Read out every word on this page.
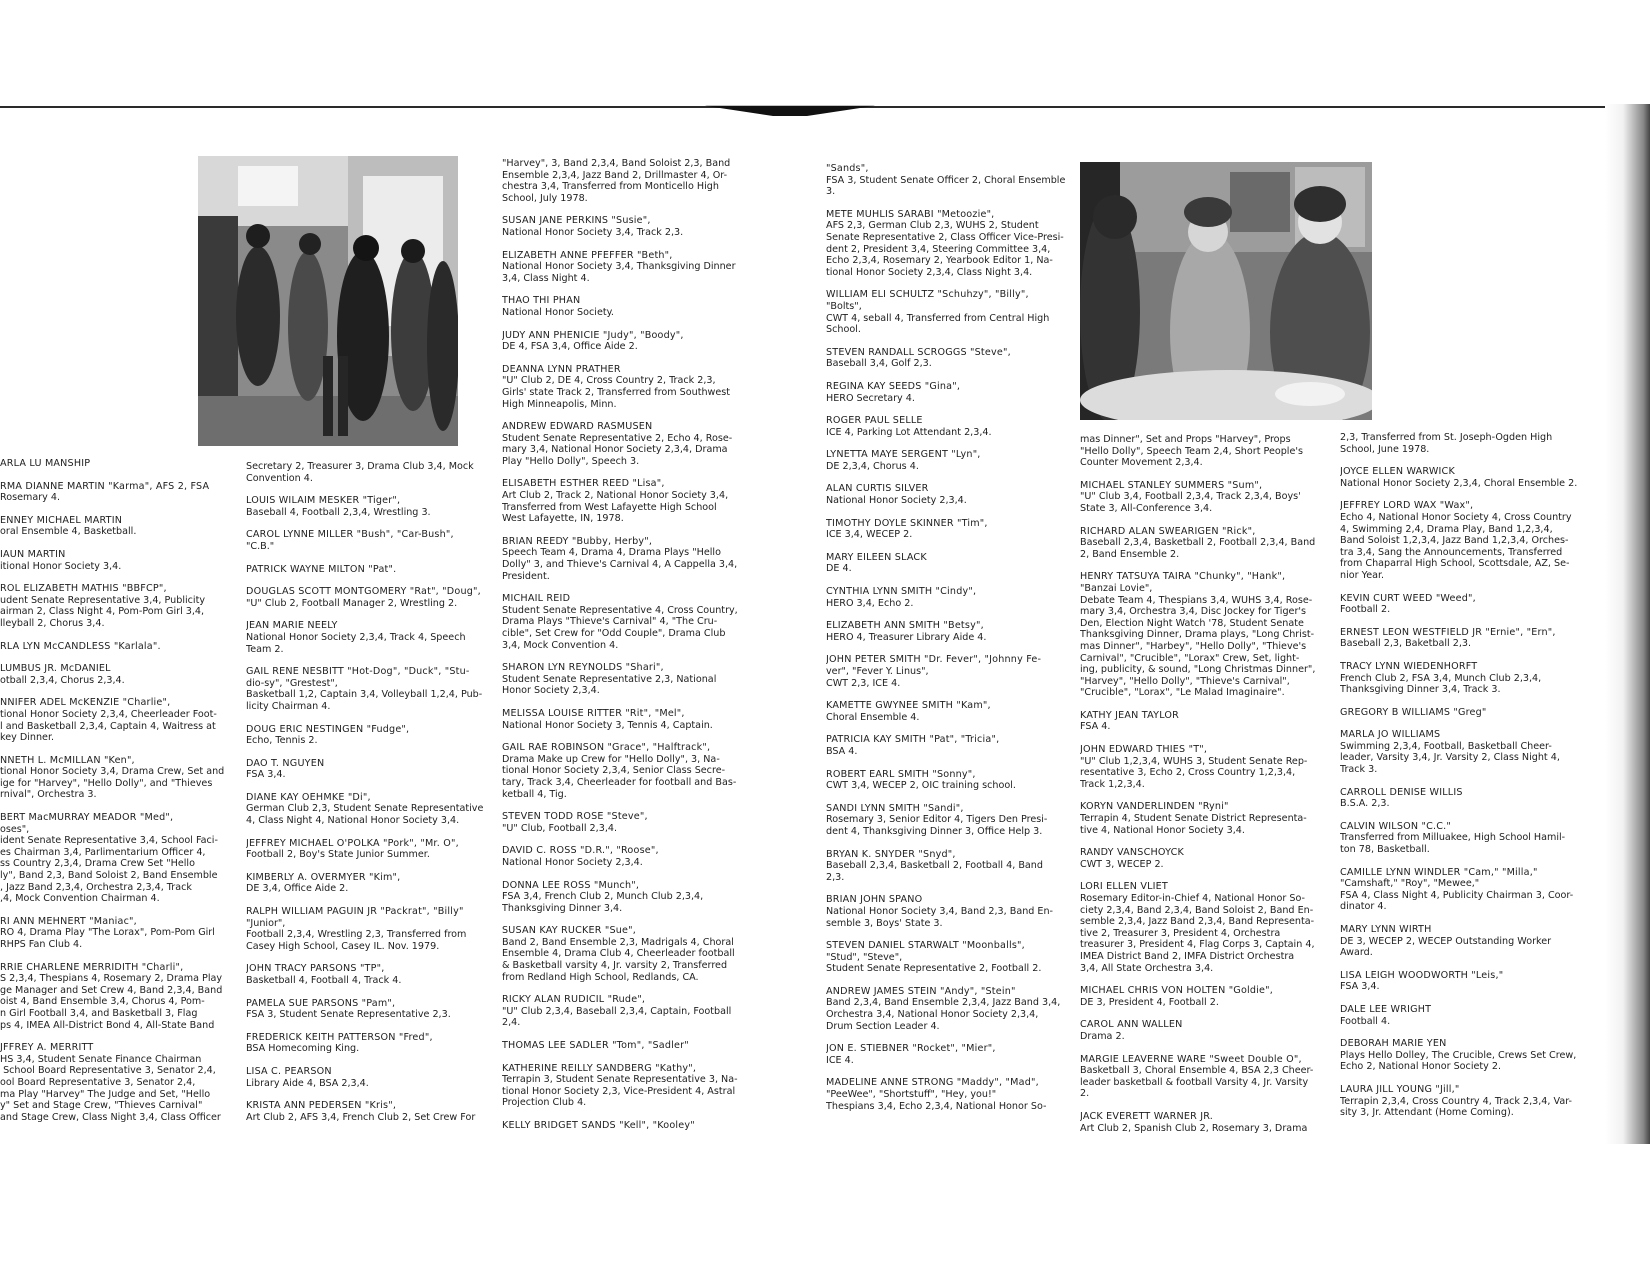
ARLA LU MANSHIP
RMA DIANNE MARTIN "Karma", AFS 2, FSA
Rosemary 4.
ENNEY MICHAEL MARTIN
oral Ensemble 4, Basketball.
IAUN MARTIN
itional Honor Society 3,4.
ROL ELIZABETH MATHIS "BBFCP",
udent Senate Representative 3,4, Publicity
airman 2, Class Night 4, Pom-Pom Girl 3,4,
lleyball 2, Chorus 3,4.
RLA LYN McCANDLESS "Karlala".
LUMBUS JR. McDANIEL
otball 2,3,4, Chorus 2,3,4.
NNIFER ADEL McKENZIE "Charlie",
tional Honor Society 2,3,4, Cheerleader Foot-
l and Basketball 2,3,4, Captain 4, Waitress at
key Dinner.
NNETH L. McMILLAN "Ken",
tional Honor Society 3,4, Drama Crew, Set and
ige for "Harvey", "Hello Dolly", and "Thieves
rnival", Orchestra 3.
BERT MacMURRAY MEADOR "Med",
oses",
ident Senate Representative 3,4, School Faci-
es Chairman 3,4, Parlimentarium Officer 4,
ss Country 2,3,4, Drama Crew Set "Hello
ly", Band 2,3, Band Soloist 2, Band Ensemble
, Jazz Band 2,3,4, Orchestra 2,3,4, Track
,4, Mock Convention Chairman 4.
RI ANN MEHNERT "Maniac",
RO 4, Drama Play "The Lorax", Pom-Pom Girl
RHPS Fan Club 4.
RRIE CHARLENE MERRIDITH "Charli",
S 2,3,4, Thespians 4, Rosemary 2, Drama Play
ge Manager and Set Crew 4, Band 2,3,4, Band
oist 4, Band Ensemble 3,4, Chorus 4, Pom-
n Girl Football 3,4, and Basketball 3, Flag
ps 4, IMEA All-District Bond 4, All-State Band
JFFREY A. MERRITT
HS 3,4, Student Senate Finance Chairman
School Board Representative 3, Senator 2,4,
ool Board Representative 3, Senator 2,4,
ma Play "Harvey" The Judge and Set, "Hello
y" Set and Stage Crew, "Thieves Carnival"
and Stage Crew, Class Night 3,4, Class Officer
Secretary 2, Treasurer 3, Drama Club 3,4, Mock
Convention 4.
LOUIS WILAIM MESKER "Tiger",
Baseball 4, Football 2,3,4, Wrestling 3.
CAROL LYNNE MILLER "Bush", "Car-Bush",
"C.B."
PATRICK WAYNE MILTON "Pat".
DOUGLAS SCOTT MONTGOMERY "Rat", "Doug",
"U" Club 2, Football Manager 2, Wrestling 2.
JEAN MARIE NEELY
National Honor Society 2,3,4, Track 4, Speech
Team 2.
GAIL RENE NESBITT "Hot-Dog", "Duck", "Stu-
dio-sy", "Grestest",
Basketball 1,2, Captain 3,4, Volleyball 1,2,4, Pub-
licity Chairman 4.
DOUG ERIC NESTINGEN "Fudge",
Echo, Tennis 2.
DAO T. NGUYEN
FSA 3,4.
DIANE KAY OEHMKE "Di",
German Club 2,3, Student Senate Representative
4, Class Night 4, National Honor Society 3,4.
JEFFREY MICHAEL O'POLKA "Pork", "Mr. O",
Football 2, Boy's State Junior Summer.
KIMBERLY A. OVERMYER "Kim",
DE 3,4, Office Aide 2.
RALPH WILLIAM PAGUIN JR "Packrat", "Billy"
"Junior",
Football 2,3,4, Wrestling 2,3, Transferred from
Casey High School, Casey IL. Nov. 1979.
JOHN TRACY PARSONS "TP",
Basketball 4, Football 4, Track 4.
PAMELA SUE PARSONS "Pam",
FSA 3, Student Senate Representative 2,3.
FREDERICK KEITH PATTERSON "Fred",
BSA Homecoming King.
LISA C. PEARSON
Library Aide 4, BSA 2,3,4.
KRISTA ANN PEDERSEN "Kris",
Art Club 2, AFS 3,4, French Club 2, Set Crew For
"Harvey", 3, Band 2,3,4, Band Soloist 2,3, Band
Ensemble 2,3,4, Jazz Band 2, Drillmaster 4, Or-
chestra 3,4, Transferred from Monticello High
School, July 1978.
SUSAN JANE PERKINS "Susie",
National Honor Society 3,4, Track 2,3.
ELIZABETH ANNE PFEFFER "Beth",
National Honor Society 3,4, Thanksgiving Dinner
3,4, Class Night 4.
THAO THI PHAN
National Honor Society.
JUDY ANN PHENICIE "Judy", "Boody",
DE 4, FSA 3,4, Office Aide 2.
DEANNA LYNN PRATHER
"U" Club 2, DE 4, Cross Country 2, Track 2,3,
Girls' state Track 2, Transferred from Southwest
High Minneapolis, Minn.
ANDREW EDWARD RASMUSEN
Student Senate Representative 2, Echo 4, Rose-
mary 3,4, National Honor Society 2,3,4, Drama
Play "Hello Dolly", Speech 3.
ELISABETH ESTHER REED "Lisa",
Art Club 2, Track 2, National Honor Society 3,4,
Transferred from West Lafayette High School
West Lafayette, IN, 1978.
BRIAN REEDY "Bubby, Herby",
Speech Team 4, Drama 4, Drama Plays "Hello
Dolly" 3, and Thieve's Carnival 4, A Cappella 3,4,
President.
MICHAIL REID
Student Senate Representative 4, Cross Country,
Drama Plays "Thieve's Carnival" 4, "The Cru-
cible", Set Crew for "Odd Couple", Drama Club
3,4, Mock Convention 4.
SHARON LYN REYNOLDS "Shari",
Student Senate Representative 2,3, National
Honor Society 2,3,4.
MELISSA LOUISE RITTER "Rit", "Mel",
National Honor Society 3, Tennis 4, Captain.
GAIL RAE ROBINSON "Grace", "Halftrack",
Drama Make up Crew for "Hello Dolly", 3, Na-
tional Honor Society 2,3,4, Senior Class Secre-
tary, Track 3,4, Cheerleader for football and Bas-
ketball 4, Tig.
STEVEN TODD ROSE "Steve",
"U" Club, Football 2,3,4.
DAVID C. ROSS "D.R.", "Roose",
National Honor Society 2,3,4.
DONNA LEE ROSS "Munch",
FSA 3,4, French Club 2, Munch Club 2,3,4,
Thanksgiving Dinner 3,4.
SUSAN KAY RUCKER "Sue",
Band 2, Band Ensemble 2,3, Madrigals 4, Choral
Ensemble 4, Drama Club 4, Cheerleader football
& Basketball varsity 4, Jr. varsity 2, Transferred
from Redland High School, Redlands, CA.
RICKY ALAN RUDICIL "Rude",
"U" Club 2,3,4, Baseball 2,3,4, Captain, Football
2,4.
THOMAS LEE SADLER "Tom", "Sadler"
KATHERINE REILLY SANDBERG "Kathy",
Terrapin 3, Student Senate Representative 3, Na-
tional Honor Society 2,3, Vice-President 4, Astral
Projection Club 4.
KELLY BRIDGET SANDS "Kell", "Kooley"
"Sands",
FSA 3, Student Senate Officer 2, Choral Ensemble
3.
METE MUHLIS SARABI "Metoozie",
AFS 2,3, German Club 2,3, WUHS 2, Student
Senate Representative 2, Class Officer Vice-Presi-
dent 2, President 3,4, Steering Committee 3,4,
Echo 2,3,4, Rosemary 2, Yearbook Editor 1, Na-
tional Honor Society 2,3,4, Class Night 3,4.
WILLIAM ELI SCHULTZ "Schuhzy", "Billy",
"Bolts",
CWT 4, seball 4, Transferred from Central High
School.
STEVEN RANDALL SCROGGS "Steve",
Baseball 3,4, Golf 2,3.
REGINA KAY SEEDS "Gina",
HERO Secretary 4.
ROGER PAUL SELLE
ICE 4, Parking Lot Attendant 2,3,4.
LYNETTA MAYE SERGENT "Lyn",
DE 2,3,4, Chorus 4.
ALAN CURTIS SILVER
National Honor Society 2,3,4.
TIMOTHY DOYLE SKINNER "Tim",
ICE 3,4, WECEP 2.
MARY EILEEN SLACK
DE 4.
CYNTHIA LYNN SMITH "Cindy",
HERO 3,4, Echo 2.
ELIZABETH ANN SMITH "Betsy",
HERO 4, Treasurer Library Aide 4.
JOHN PETER SMITH "Dr. Fever", "Johnny Fe-
ver", "Fever Y. Linus",
CWT 2,3, ICE 4.
KAMETTE GWYNEE SMITH "Kam",
Choral Ensemble 4.
PATRICIA KAY SMITH "Pat", "Tricia",
BSA 4.
ROBERT EARL SMITH "Sonny",
CWT 3,4, WECEP 2, OIC training school.
SANDI LYNN SMITH "Sandi",
Rosemary 3, Senior Editor 4, Tigers Den Presi-
dent 4, Thanksgiving Dinner 3, Office Help 3.
BRYAN K. SNYDER "Snyd",
Baseball 2,3,4, Basketball 2, Football 4, Band
2,3.
BRIAN JOHN SPANO
National Honor Society 3,4, Band 2,3, Band En-
semble 3, Boys' State 3.
STEVEN DANIEL STARWALT "Moonballs",
"Stud", "Steve",
Student Senate Representative 2, Football 2.
ANDREW JAMES STEIN "Andy", "Stein"
Band 2,3,4, Band Ensemble 2,3,4, Jazz Band 3,4,
Orchestra 3,4, National Honor Society 2,3,4,
Drum Section Leader 4.
JON E. STIEBNER "Rocket", "Mier",
ICE 4.
MADELINE ANNE STRONG "Maddy", "Mad",
"PeeWee", "Shortstuff", "Hey, you!"
Thespians 3,4, Echo 2,3,4, National Honor So-
mas Dinner", Set and Props "Harvey", Props
"Hello Dolly", Speech Team 2,4, Short People's
Counter Movement 2,3,4.
MICHAEL STANLEY SUMMERS "Sum",
"U" Club 3,4, Football 2,3,4, Track 2,3,4, Boys'
State 3, All-Conference 3,4.
RICHARD ALAN SWEARIGEN "Rick",
Baseball 2,3,4, Basketball 2, Football 2,3,4, Band
2, Band Ensemble 2.
HENRY TATSUYA TAIRA "Chunky", "Hank",
"Banzai Lovie",
Debate Team 4, Thespians 3,4, WUHS 3,4, Rose-
mary 3,4, Orchestra 3,4, Disc Jockey for Tiger's
Den, Election Night Watch '78, Student Senate
Thanksgiving Dinner, Drama plays, "Long Christ-
mas Dinner", "Harbey", "Hello Dolly", "Thieve's
Carnival", "Crucible", "Lorax" Crew, Set, light-
ing, publicity, & sound, "Long Christmas Dinner",
"Harvey", "Hello Dolly", "Thieve's Carnival",
"Crucible", "Lorax", "Le Malad Imaginaire".
KATHY JEAN TAYLOR
FSA 4.
JOHN EDWARD THIES "T",
"U" Club 1,2,3,4, WUHS 3, Student Senate Rep-
resentative 3, Echo 2, Cross Country 1,2,3,4,
Track 1,2,3,4.
KORYN VANDERLINDEN "Ryni"
Terrapin 4, Student Senate District Representa-
tive 4, National Honor Society 3,4.
RANDY VANSCHOYCK
CWT 3, WECEP 2.
LORI ELLEN VLIET
Rosemary Editor-in-Chief 4, National Honor So-
ciety 2,3,4, Band 2,3,4, Band Soloist 2, Band En-
semble 2,3,4, Jazz Band 2,3,4, Band Representa-
tive 2, Treasurer 3, President 4, Orchestra
treasurer 3, President 4, Flag Corps 3, Captain 4,
IMEA District Band 2, IMFA District Orchestra
3,4, All State Orchestra 3,4.
MICHAEL CHRIS VON HOLTEN "Goldie",
DE 3, President 4, Football 2.
CAROL ANN WALLEN
Drama 2.
MARGIE LEAVERNE WARE "Sweet Double O",
Basketball 3, Choral Ensemble 4, BSA 2,3 Cheer-
leader basketball & football Varsity 4, Jr. Varsity
2.
JACK EVERETT WARNER JR.
Art Club 2, Spanish Club 2, Rosemary 3, Drama
2,3, Transferred from St. Joseph-Ogden High
School, June 1978.
JOYCE ELLEN WARWICK
National Honor Society 2,3,4, Choral Ensemble 2.
JEFFREY LORD WAX "Wax",
Echo 4, National Honor Society 4, Cross Country
4, Swimming 2,4, Drama Play, Band 1,2,3,4,
Band Soloist 1,2,3,4, Jazz Band 1,2,3,4, Orches-
tra 3,4, Sang the Announcements, Transferred
from Chaparral High School, Scottsdale, AZ, Se-
nior Year.
KEVIN CURT WEED "Weed",
Football 2.
ERNEST LEON WESTFIELD JR "Ernie", "Ern",
Baseball 2,3, Baketball 2,3.
TRACY LYNN WIEDENHORFT
French Club 2, FSA 3,4, Munch Club 2,3,4,
Thanksgiving Dinner 3,4, Track 3.
GREGORY B WILLIAMS "Greg"
MARLA JO WILLIAMS
Swimming 2,3,4, Football, Basketball Cheer-
leader, Varsity 3,4, Jr. Varsity 2, Class Night 4,
Track 3.
CARROLL DENISE WILLIS
B.S.A. 2,3.
CALVIN WILSON "C.C."
Transferred from Milluakee, High School Hamil-
ton 78, Basketball.
CAMILLE LYNN WINDLER "Cam," "Milla,"
"Camshaft," "Roy", "Mewee,"
FSA 4, Class Night 4, Publicity Chairman 3, Coor-
dinator 4.
MARY LYNN WIRTH
DE 3, WECEP 2, WECEP Outstanding Worker
Award.
LISA LEIGH WOODWORTH "Leis,"
FSA 3,4.
DALE LEE WRIGHT
Football 4.
DEBORAH MARIE YEN
Plays Hello Dolley, The Crucible, Crews Set Crew,
Echo 2, National Honor Society 2.
LAURA JILL YOUNG "Jill,"
Terrapin 2,3,4, Cross Country 4, Track 2,3,4, Var-
sity 3, Jr. Attendant (Home Coming).
